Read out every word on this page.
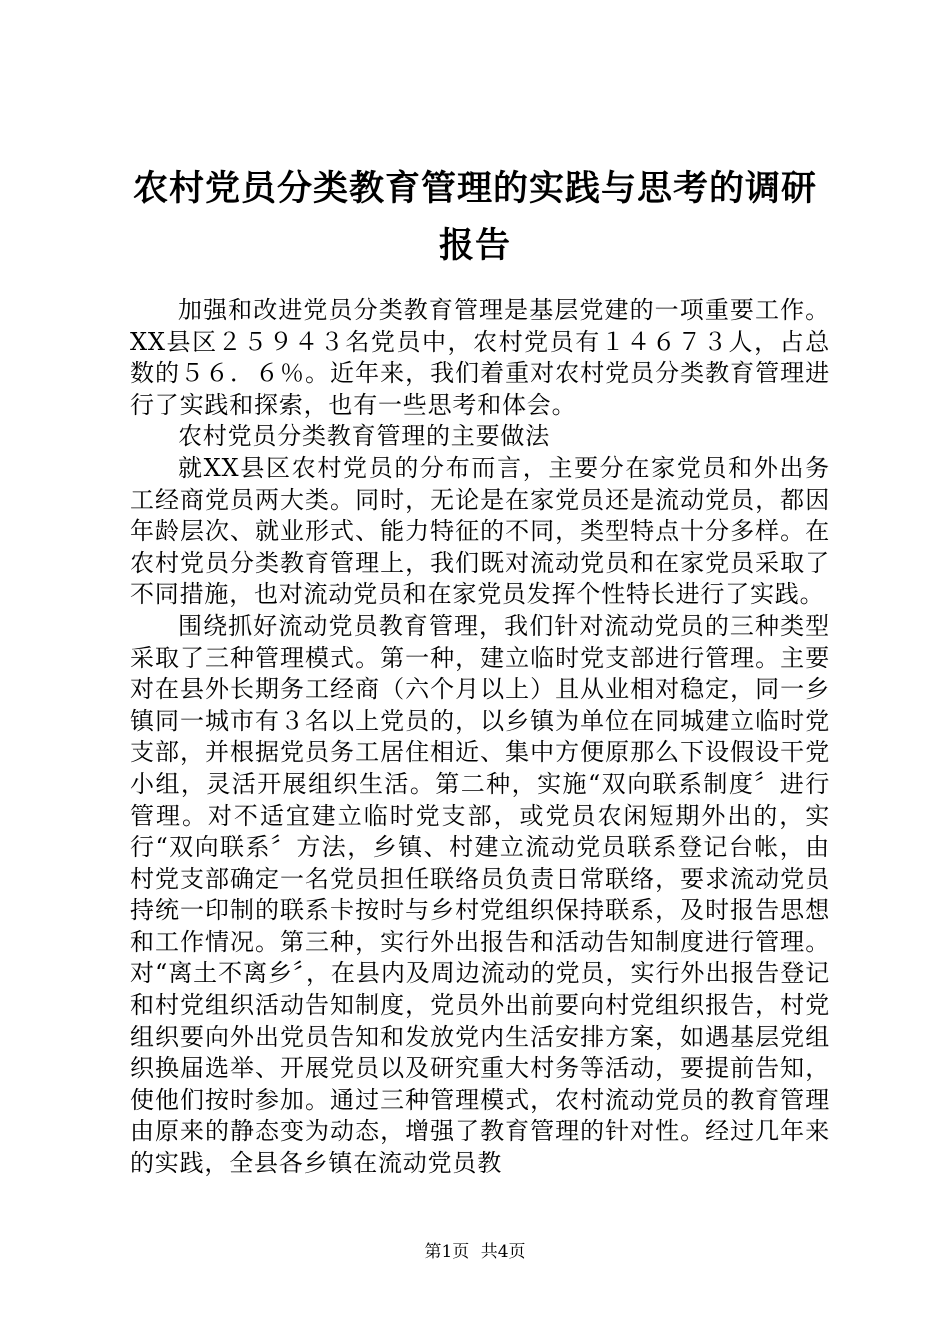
农村党员分类教育管理的实践与思考的调研报告

加强和改进党员分类教育管理是基层党建的一项重要工作。XX县区２５９４３名党员中，农村党员有１４６７３人，占总数的５６．６％。近年来，我们着重对农村党员分类教育管理进行了实践和探索，也有一些思考和体会。

农村党员分类教育管理的主要做法

就XX县区农村党员的分布而言，主要分在家党员和外出务工经商党员两大类。同时，无论是在家党员还是流动党员，都因年龄层次、就业形式、能力特征的不同，类型特点十分多样。在农村党员分类教育管理上，我们既对流动党员和在家党员采取了不同措施，也对流动党员和在家党员发挥个性特长进行了实践。

围绕抓好流动党员教育管理，我们针对流动党员的三种类型采取了三种管理模式。第一种，建立临时党支部进行管理。主要对在县外长期务工经商（六个月以上）且从业相对稳定，同一乡镇同一城市有３名以上党员的，以乡镇为单位在同城建立临时党支部，并根据党员务工居住相近、集中方便原那么下设假设干党小组，灵活开展组织生活。第二种，实施“双向联系制度〞进行管理。对不适宜建立临时党支部，或党员农闲短期外出的，实行“双向联系〞方法，乡镇、村建立流动党员联系登记台帐，由村党支部确定一名党员担任联络员负责日常联络，要求流动党员持统一印制的联系卡按时与乡村党组织保持联系，及时报告思想和工作情况。第三种，实行外出报告和活动告知制度进行管理。对“离土不离乡〞，在县内及周边流动的党员，实行外出报告登记和村党组织活动告知制度，党员外出前要向村党组织报告，村党组织要向外出党员告知和发放党内生活安排方案，如遇基层党组织换届选举、开展党员以及研究重大村务等活动，要提前告知，使他们按时参加。通过三种管理模式，农村流动党员的教育管理由原来的静态变为动态，增强了教育管理的针对性。经过几年来的实践，全县各乡镇在流动党员教

第1页 共4页
